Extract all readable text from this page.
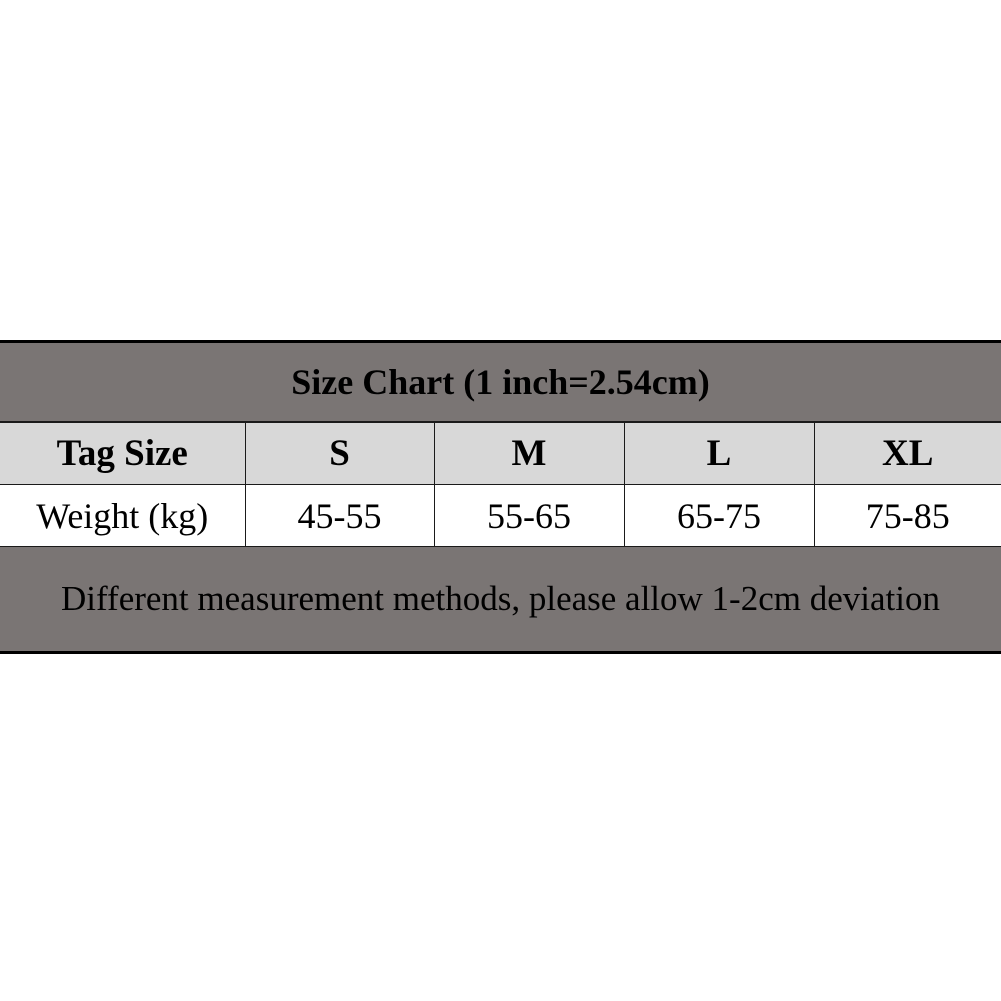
Size Chart (1 inch=2.54cm)				
Tag Size	S	M	L	XL
Weight (kg)	45-55	55-65	65-75	75-85
Different measurement methods, please allow 1-2cm deviation				
